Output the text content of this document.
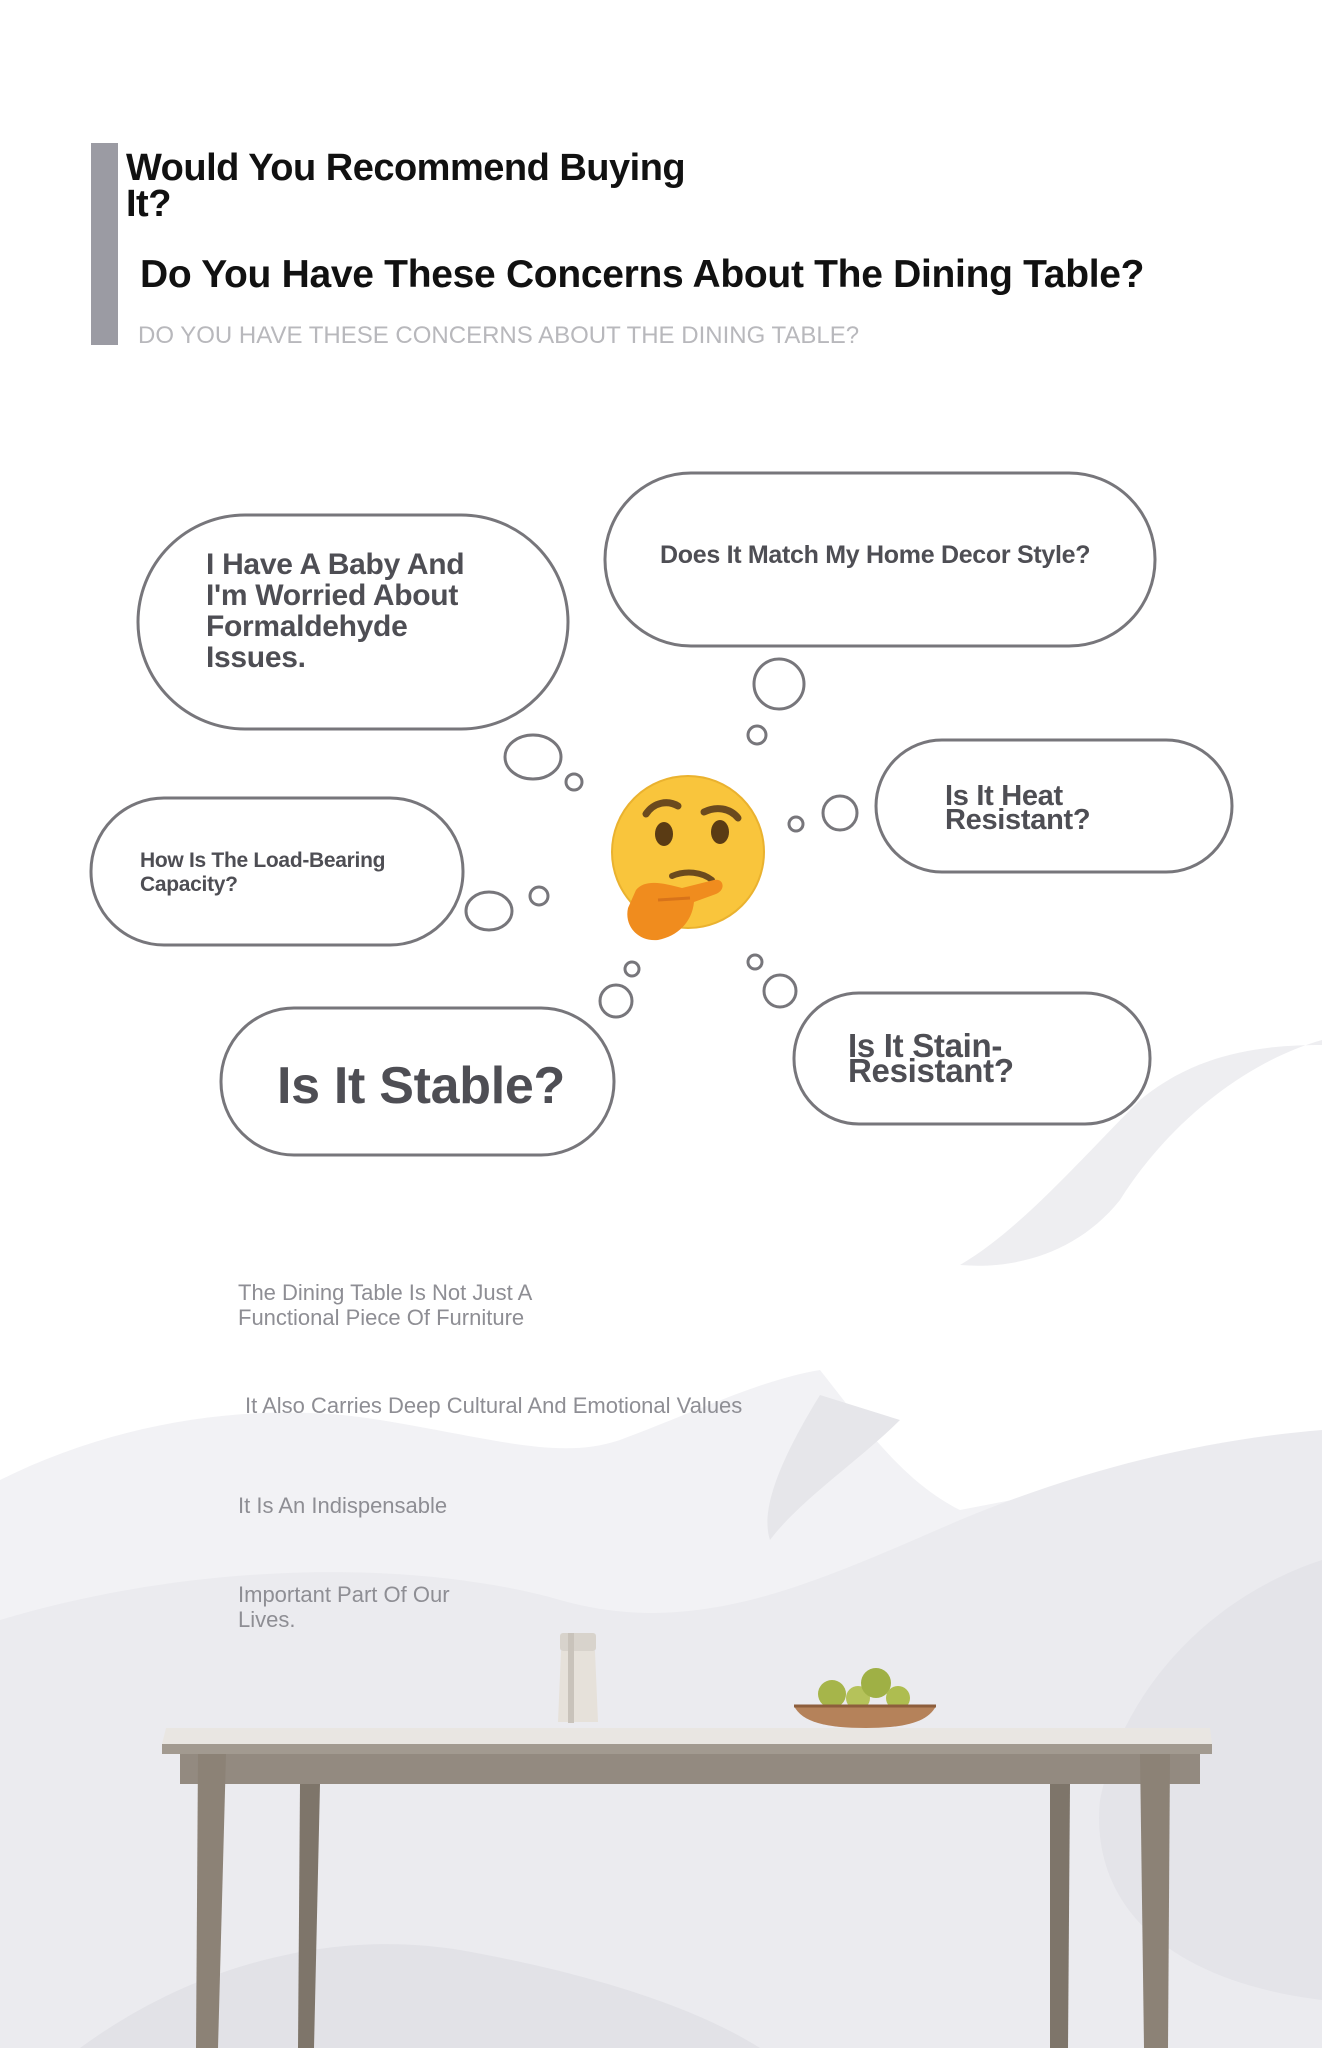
Would You Recommend Buying It?
Do You Have These Concerns About The Dining Table?
DO YOU HAVE THESE CONCERNS ABOUT THE DINING TABLE?
I Have A Baby And I'm Worried About Formaldehyde Issues.
Does It Match My Home Decor Style?
Is It Heat Resistant?
How Is The Load-Bearing Capacity?
Is It Stable?
Is It Stain-Resistant?
The Dining Table Is Not Just A Functional Piece Of Furniture
It Also Carries Deep Cultural And Emotional Values
It Is An Indispensable
Important Part Of Our Lives.
